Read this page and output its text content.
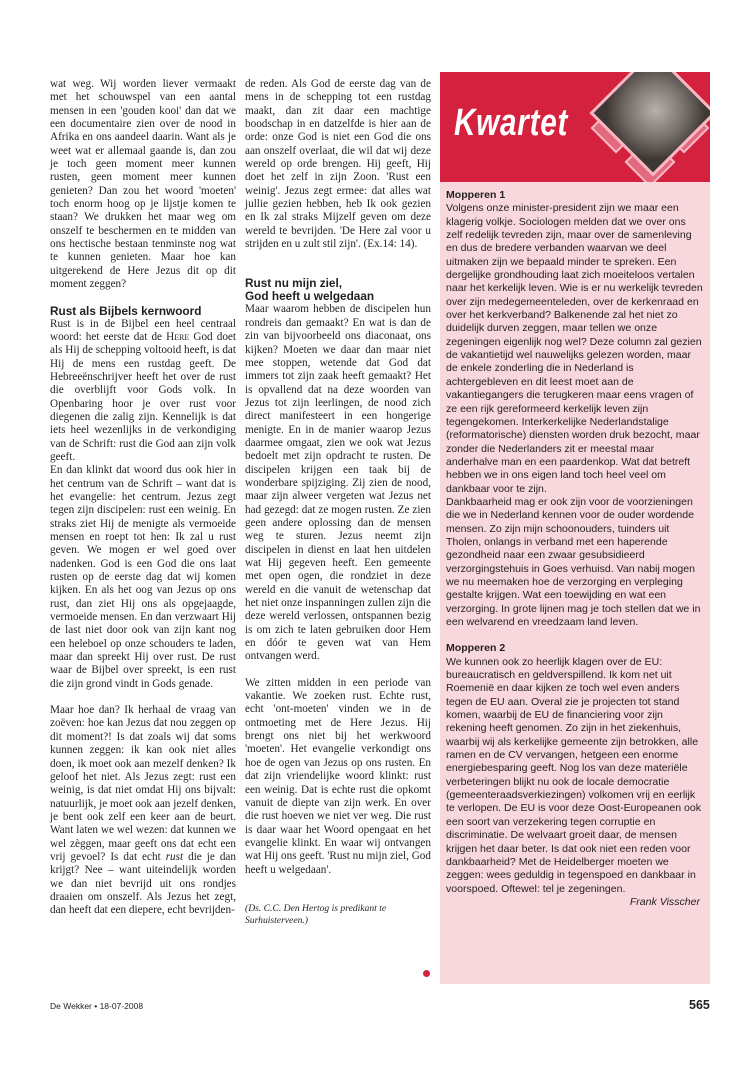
wat weg. Wij worden liever vermaakt met het schouwspel van een aantal mensen in een 'gouden kooi' dan dat we een documentaire zien over de nood in Afrika en ons aandeel daarin. Want als je weet wat er allemaal gaande is, dan zou je toch geen moment meer kunnen rusten, geen moment meer kunnen genieten? Dan zou het woord 'moeten' toch enorm hoog op je lijstje komen te staan? We drukken het maar weg om onszelf te beschermen en te midden van ons hectische bestaan tenminste nog wat te kunnen genieten. Maar hoe kan uitgerekend de Here Jezus dit op dit moment zeggen?

Rust als Bijbels kernwoord

Rust is in de Bijbel een heel centraal woord: het eerste dat de Here God doet als Hij de schepping voltooid heeft, is dat Hij de mens een rustdag geeft. De Hebreeënschrijver heeft het over de rust die overblijft voor Gods volk. In Openbaring hoor je over rust voor diegenen die zalig zijn. Kennelijk is dat iets heel wezenlijks in de verkondiging van de Schrift: rust die God aan zijn volk geeft.

En dan klinkt dat woord dus ook hier in het centrum van de Schrift – want dat is het evangelie: het centrum. Jezus zegt tegen zijn discipelen: rust een weinig. En straks ziet Hij de menigte als vermoeide mensen en roept tot hen: Ik zal u rust geven. We mogen er wel goed over nadenken. God is een God die ons laat rusten op de eerste dag dat wij komen kijken. En als het oog van Jezus op ons rust, dan ziet Hij ons als opgejaagde, vermoeide mensen. En dan verzwaart Hij de last niet door ook van zijn kant nog een heleboel op onze schouders te laden, maar dan spreekt Hij over rust. De rust waar de Bijbel over spreekt, is een rust die zijn grond vindt in Gods genade.

Maar hoe dan? Ik herhaal de vraag van zoëven: hoe kan Jezus dat nou zeggen op dit moment?! Is dat zoals wij dat soms kunnen zeggen: ik kan ook niet alles doen, ik moet ook aan mezelf denken? Ik geloof het niet. Als Jezus zegt: rust een weinig, is dat niet omdat Hij ons bijvalt: natuurlijk, je moet ook aan jezelf denken, je bent ook zelf een keer aan de beurt. Want laten we wel wezen: dat kunnen we wel zèggen, maar geeft ons dat echt een vrij gevoel? Is dat echt rust die je dan krijgt? Nee – want uiteindelijk worden we dan niet bevrijd uit ons rondjes draaien om onszelf. Als Jezus het zegt, dan heeft dat een diepere, echt bevrijden-

de reden. Als God de eerste dag van de mens in de schepping tot een rustdag maakt, dan zit daar een machtige boodschap in en datzelfde is hier aan de orde: onze God is niet een God die ons aan onszelf overlaat, die wil dat wij deze wereld op orde brengen. Hij geeft, Hij doet het zelf in zijn Zoon. 'Rust een weinig'. Jezus zegt ermee: dat alles wat jullie gezien hebben, heb Ik ook gezien en Ik zal straks Mijzelf geven om deze wereld te bevrijden. 'De Here zal voor u strijden en u zult stil zijn'. (Ex.14: 14).

Rust nu mijn ziel,
God heeft u welgedaan

Maar waarom hebben de discipelen hun rondreis dan gemaakt? En wat is dan de zin van bijvoorbeeld ons diaconaat, ons kijken? Moeten we daar dan maar niet mee stoppen, wetende dat God dat immers tot zijn zaak heeft gemaakt? Het is opvallend dat na deze woorden van Jezus tot zijn leerlingen, de nood zich direct manifesteert in een hongerige menigte. En in de manier waarop Jezus daarmee omgaat, zien we ook wat Jezus bedoelt met zijn opdracht te rusten. De discipelen krijgen een taak bij de wonderbare spijziging. Zij zien de nood, maar zijn alweer vergeten wat Jezus net had gezegd: dat ze mogen rusten. Ze zien geen andere oplossing dan de mensen weg te sturen. Jezus neemt zijn discipelen in dienst en laat hen uitdelen wat Hij gegeven heeft. Een gemeente met open ogen, die rondziet in deze wereld en die vanuit de wetenschap dat het niet onze inspanningen zullen zijn die deze wereld verlossen, ontspannen bezig is om zich te laten gebruiken door Hem en dóór te geven wat van Hem ontvangen werd.

We zitten midden in een periode van vakantie. We zoeken rust. Echte rust, echt 'ont-moeten' vinden we in de ontmoeting met de Here Jezus. Hij brengt ons niet bij het werkwoord 'moeten'. Het evangelie verkondigt ons hoe de ogen van Jezus op ons rusten. En dat zijn vriendelijke woord klinkt: rust een weinig. Dat is echte rust die opkomt vanuit de diepte van zijn werk. En over die rust hoeven we niet ver weg. Die rust is daar waar het Woord opengaat en het evangelie klinkt. En waar wij ontvangen wat Hij ons geeft. 'Rust nu mijn ziel, God heeft u welgedaan'.

(Ds. C.C. Den Hertog is predikant te Surhuisterveen.)

Kwartet
Mopperen 1

Volgens onze minister-president zijn we maar een klagerig volkje. Sociologen melden dat we over ons zelf redelijk tevreden zijn, maar over de samenleving en dus de bredere verbanden waarvan we deel uitmaken zijn we bepaald minder te spreken. Een dergelijke grondhouding laat zich moeiteloos vertalen naar het kerkelijk leven. Wie is er nu werkelijk tevreden over zijn medegemeenteleden, over de kerkenraad en over het kerkverband? Balkenende zal het niet zo duidelijk durven zeggen, maar tellen we onze zegeningen eigenlijk nog wel? Deze column zal gezien de vakantietijd wel nauwelijks gelezen worden, maar de enkele zonderling die in Nederland is achtergebleven en dit leest moet aan de vakantiegangers die terugkeren maar eens vragen of ze een rijk gereformeerd kerkelijk leven zijn tegengekomen. Interkerkelijke Nederlandstalige (reformatorische) diensten worden druk bezocht, maar zonder die Nederlanders zit er meestal maar anderhalve man en een paardenkop. Wat dat betreft hebben we in ons eigen land toch heel veel om dankbaar voor te zijn.

Dankbaarheid mag er ook zijn voor de voorzieningen die we in Nederland kennen voor de ouder wordende mensen. Zo zijn mijn schoonouders, tuinders uit Tholen, onlangs in verband met een haperende gezondheid naar een zwaar gesubsidieerd verzorgingstehuis in Goes verhuisd. Van nabij mogen we nu meemaken hoe de verzorging en verpleging gestalte krijgen. Wat een toewijding en wat een verzorging. In grote lijnen mag je toch stellen dat we in een welvarend en vreedzaam land leven.

Mopperen 2

We kunnen ook zo heerlijk klagen over de EU: bureaucratisch en geldverspillend. Ik kom net uit Roemenië en daar kijken ze toch wel even anders tegen de EU aan. Overal zie je projecten tot stand komen, waarbij de EU de financiering voor zijn rekening heeft genomen. Zo zijn in het ziekenhuis, waarbij wij als kerkelijke gemeente zijn betrokken, alle ramen en de CV vervangen, hetgeen een enorme energiebesparing geeft. Nog los van deze materiële verbeteringen blijkt nu ook de locale democratie (gemeenteraadsverkiezingen) volkomen vrij en eerlijk te verlopen. De EU is voor deze Oost-Europeanen ook een soort van verzekering tegen corruptie en discriminatie. De welvaart groeit daar, de mensen krijgen het daar beter. Is dat ook niet een reden voor dankbaarheid? Met de Heidelberger moeten we zeggen: wees geduldig in tegenspoed en dankbaar in voorspoed. Oftewel: tel je zegeningen.

Frank Visscher

De Wekker • 18-07-2008	565
